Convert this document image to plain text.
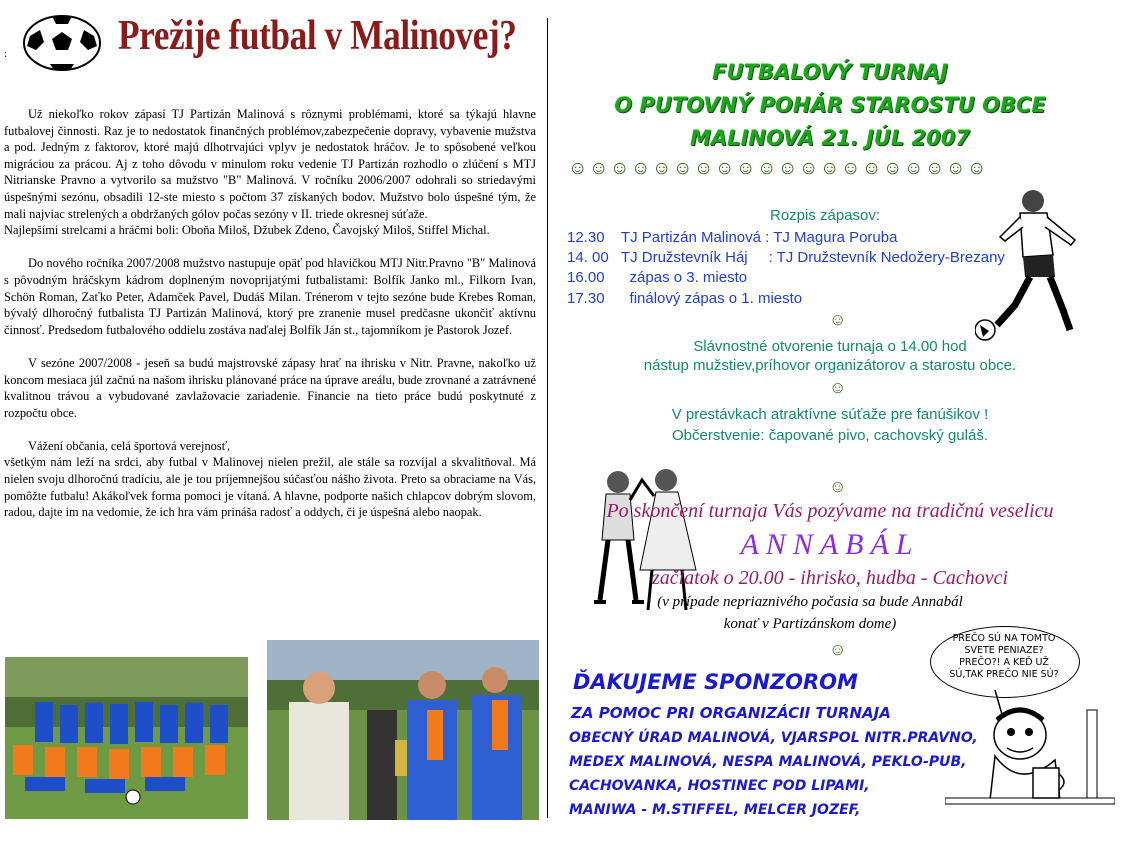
:	Prežije futbal v Malinovej?

Už niekoľko rokov zápasí TJ Partizán Malinová s rôznymi problémami, ktoré sa týkajú hlavne futbalovej činnosti. Raz je to nedostatok finančných problémov,zabezpečenie dopravy, vybavenie mužstva a pod. Jedným z faktorov, ktoré majú dlhotrvajúci vplyv je nedostatok hráčov. Je to spôsobené veľkou migráciou za prácou. Aj z toho dôvodu v minulom roku vedenie TJ Partizán rozhodlo o zlúčení s MTJ Nitrianske Pravno a vytvorilo sa mužstvo "B" Malinová. V ročníku 2006/2007 odohrali so striedavými úspešnými sezónu, obsadili 12-ste miesto s počtom 37 získaných bodov. Mužstvo bolo úspešné tým, že mali najviac strelených a obdržaných gólov počas sezóny v II. triede okresnej súťaže.

Najlepšími strelcami a hráčmi boli: Oboňa Miloš, Džubek Zdeno, Čavojský Miloš, Stiffel Michal.

Do nového ročníka 2007/2008 mužstvo nastupuje opäť pod hlavičkou MTJ Nitr.Pravno "B" Malinová s pôvodným hráčskym kádrom doplneným novoprijatými futbalistami: Bolfík Janko ml., Filkorn Ivan, Schön Roman, Zaťko Peter, Adamček Pavel, Dudáš Milan. Trénerom v tejto sezóne bude Krebes Roman, bývalý dlhoročný futbalista TJ Partizán Malinová, ktorý pre zranenie musel predčasne ukončiť aktívnu činnosť. Predsedom futbalového oddielu zostáva naďalej Bolfík Ján st., tajomníkom je Pastorok Jozef.

V sezóne 2007/2008 - jeseň sa budú majstrovské zápasy hrať na ihrisku v Nitr. Pravne, nakoľko už koncom mesiaca júl začnú na našom ihrisku plánované práce na úprave areálu, bude zrovnané a zatrávnené kvalitnou trávou a vybudované zavlažovacie zariadenie. Financie na tieto práce budú poskytnuté z rozpočtu obce.

Vážení občania, celá športová verejnosť,

všetkým nám leží na srdci, aby futbal v Malinovej nielen prežil, ale stále sa rozvíjal a skvalitňoval. Má nielen svoju dlhoročnú tradíciu, ale je tou príjemnejšou súčasťou nášho života. Preto sa obraciame na Vás, pomôžte futbalu! Akákoľvek forma pomoci je vítaná. A hlavne, podporte našich chlapcov dobrým slovom, radou, dajte im na vedomie, že ich hra vám prináša radosť a oddych, či je úspešná alebo naopak.

FUTBALOVÝ TURNAJ
O PUTOVNÝ POHÁR STAROSTU OBCE
MALINOVÁ 21. JÚL 2007
☺☺☺☺☺☺☺☺☺☺☺☺☺☺☺☺☺☺☺☺
Rozpis zápasov:
12.30    TJ Partizán Malinová : TJ Magura Poruba
14. 00   TJ Družstevník Háj     : TJ Družstevník Nedožery-Brezany
16.00      zápas o 3. miesto
17.30      finálový zápas o 1. miesto
☺
Slávnostné otvorenie turnaja o 14.00 hod
nástup mužstiev,príhovor organizátorov a starostu obce.
☺
V prestávkach atraktívne súťaže pre fanúšikov !
Občerstvenie: čapované pivo, cachovský guláš.
☺
Po skončení turnaja Vás pozývame na tradičnú veselicu
ANNABÁL
začiatok o 20.00 - ihrisko, hudba - Cachovci
(v prípade nepriaznivého počasia sa bude Annabál
konať v Partizánskom dome)
☺
ĎAKUJEME SPONZOROM
ZA POMOC PRI ORGANIZÁCII TURNAJA
OBECNÝ ÚRAD MALINOVÁ, VJARSPOL NITR.PRAVNO,
MEDEX MALINOVÁ, NESPA MALINOVÁ, PEKLO-PUB,
CACHOVANKA, HOSTINEC POD LIPAMI,
MANIWA - M.STIFFEL, MELCER JOZEF,
PREČO SÚ NA TOMTO SVETE PENIAZE? PREČO?! A KEĎ UŽ SÚ,TAK PREČO NIE SÚ?
